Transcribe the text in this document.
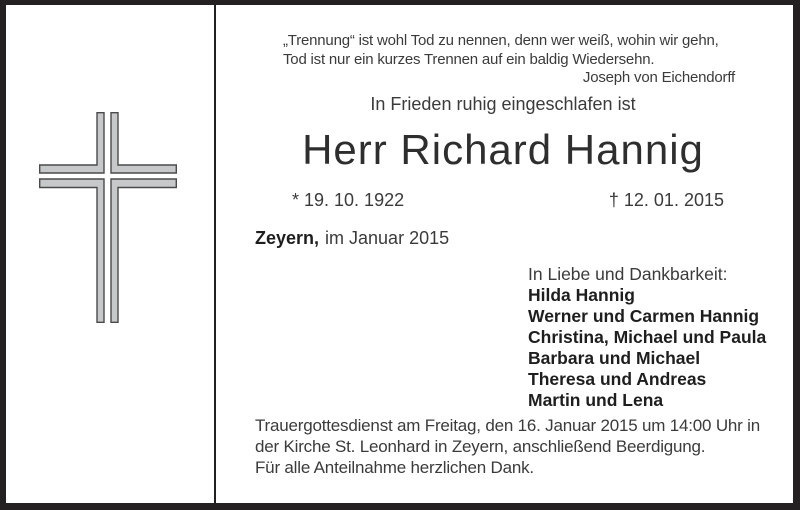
„Trennung“ ist wohl Tod zu nennen, denn wer weiß, wohin wir gehn,
Tod ist nur ein kurzes Trennen auf ein baldig Wiedersehn.
Joseph von Eichendorff
In Frieden ruhig eingeschlafen ist
Herr Richard Hannig
* 19. 10. 1922	† 12. 01. 2015
Zeyern, im Januar 2015
In Liebe und Dankbarkeit:
Hilda Hannig
Werner und Carmen Hannig
Christina, Michael und Paula
Barbara und Michael
Theresa und Andreas
Martin und Lena
Trauergottesdienst am Freitag, den 16. Januar 2015 um 14:00 Uhr in
der Kirche St. Leonhard in Zeyern, anschließend Beerdigung.
Für alle Anteilnahme herzlichen Dank.
